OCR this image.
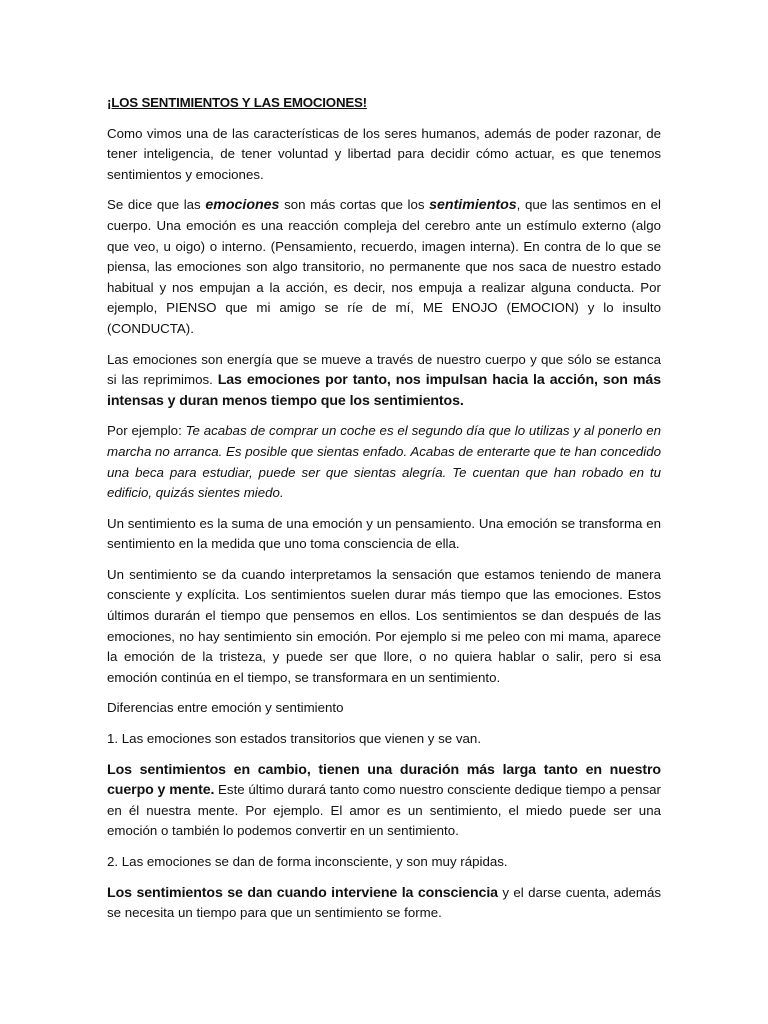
¡LOS SENTIMIENTOS Y LAS EMOCIONES!

Como vimos una de las características de los seres humanos, además de poder razonar, de tener inteligencia, de tener voluntad y libertad para decidir cómo actuar, es que tenemos sentimientos y emociones.

Se dice que las emociones son más cortas que los sentimientos, que las sentimos en el cuerpo. Una emoción es una reacción compleja del cerebro ante un estímulo externo (algo que veo, u oigo) o interno. (Pensamiento, recuerdo, imagen interna). En contra de lo que se piensa, las emociones son algo transitorio, no permanente que nos saca de nuestro estado habitual y nos empujan a la acción, es decir, nos empuja a realizar alguna conducta. Por ejemplo, PIENSO que mi amigo se ríe de mí, ME ENOJO (EMOCION) y lo insulto (CONDUCTA).

Las emociones son energía que se mueve a través de nuestro cuerpo y que sólo se estanca si las reprimimos. Las emociones por tanto, nos impulsan hacia la acción, son más intensas y duran menos tiempo que los sentimientos.

Por ejemplo: Te acabas de comprar un coche es el segundo día que lo utilizas y al ponerlo en marcha no arranca. Es posible que sientas enfado. Acabas de enterarte que te han concedido una beca para estudiar, puede ser que sientas alegría. Te cuentan que han robado en tu edificio, quizás sientes miedo.

Un sentimiento es la suma de una emoción y un pensamiento. Una emoción se transforma en sentimiento en la medida que uno toma consciencia de ella.

Un sentimiento se da cuando interpretamos la sensación que estamos teniendo de manera consciente y explícita. Los sentimientos suelen durar más tiempo que las emociones. Estos últimos durarán el tiempo que pensemos en ellos. Los sentimientos se dan después de las emociones, no hay sentimiento sin emoción. Por ejemplo si me peleo con mi mama, aparece la emoción de la tristeza, y puede ser que llore, o no quiera hablar o salir, pero si esa emoción continúa en el tiempo, se transformara en un sentimiento.

Diferencias entre emoción y sentimiento

1. Las emociones son estados transitorios que vienen y se van.

Los sentimientos en cambio, tienen una duración más larga tanto en nuestro cuerpo y mente. Este último durará tanto como nuestro consciente dedique tiempo a pensar en él nuestra mente. Por ejemplo. El amor es un sentimiento, el miedo puede ser una emoción o también lo podemos convertir en un sentimiento.

2. Las emociones se dan de forma inconsciente, y son muy rápidas.

Los sentimientos se dan cuando interviene la consciencia y el darse cuenta, además se necesita un tiempo para que un sentimiento se forme.
